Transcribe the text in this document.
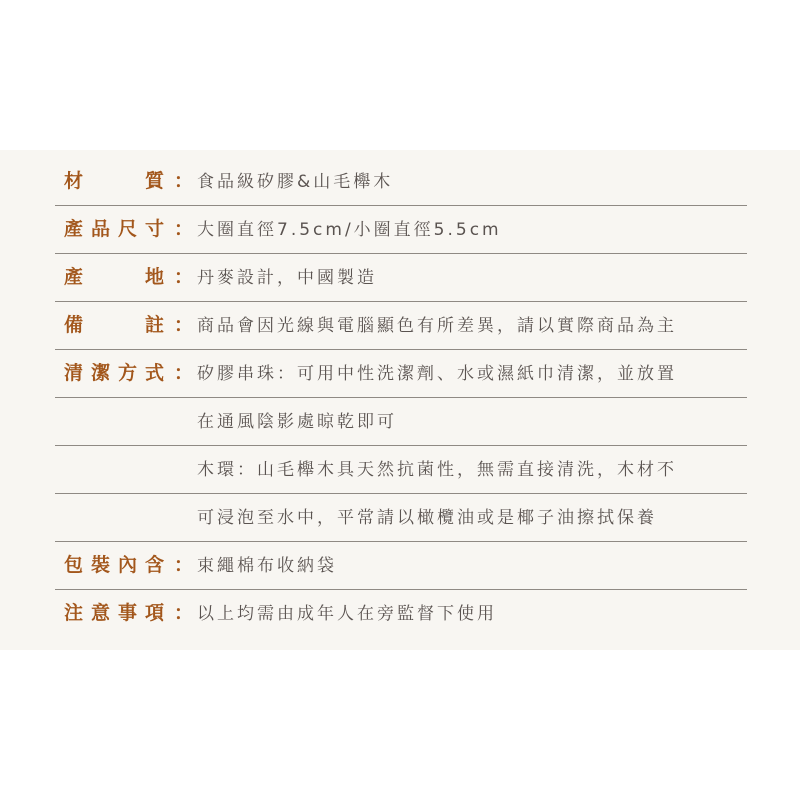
材	質 ： 食品級矽膠&山毛櫸木
產 品 尺 寸 ： 大圈直徑7.5cm/小圈直徑5.5cm
產	地 ： 丹麥設計，中國製造
備	註 ： 商品會因光線與電腦顯色有所差異，請以實際商品為主
清 潔 方 式 ： 矽膠串珠：可用中性洗潔劑、水或濕紙巾清潔，並放置
在通風陰影處晾乾即可
木環：山毛櫸木具天然抗菌性，無需直接清洗，木材不
可浸泡至水中，平常請以橄欖油或是椰子油擦拭保養
包 裝 內 含 ： 束繩棉布收納袋
注 意 事 項 ： 以上均需由成年人在旁監督下使用
